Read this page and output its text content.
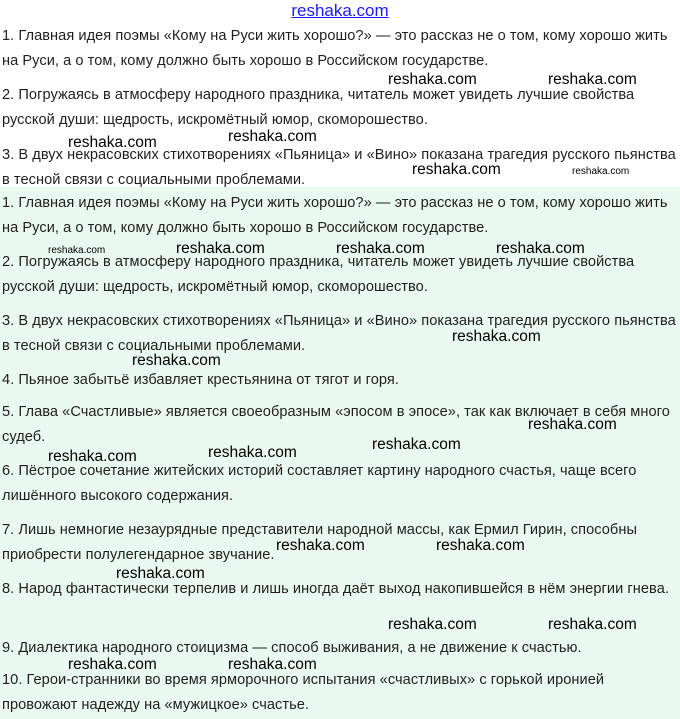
reshaka.com

1. Главная идея поэмы «Кому на Руси жить хорошо?» — это рассказ не о том, кому хорошо жить на Руси, а о том, кому должно быть хорошо в Российском государстве.

2. Погружаясь в атмосферу народного праздника, читатель может увидеть лучшие свойства русской души: щедрость, искромётный юмор, скоморошество.

3. В двух некрасовских стихотворениях «Пьяница» и «Вино» показана трагедия русского пьянства в тесной связи с социальными проблемами.

1. Главная идея поэмы «Кому на Руси жить хорошо?» — это рассказ не о том, кому хорошо жить на Руси, а о том, кому должно быть хорошо в Российском государстве.

2. Погружаясь в атмосферу народного праздника, читатель может увидеть лучшие свойства русской души: щедрость, искромётный юмор, скоморошество.

3. В двух некрасовских стихотворениях «Пьяница» и «Вино» показана трагедия русского пьянства в тесной связи с социальными проблемами.

4. Пьяное забытьё избавляет крестьянина от тягот и горя.

5. Глава «Счастливые» является своеобразным «эпосом в эпосе», так как включает в себя много судеб.

6. Пёстрое сочетание житейских историй составляет картину народного счастья, чаще всего лишённого высокого содержания.

7. Лишь немногие незаурядные представители народной массы, как Ермил Гирин, способны приобрести полулегендарное звучание.

8. Народ фантастически терпелив и лишь иногда даёт выход накопившейся в нём энергии гнева.

9. Диалектика народного стоицизма — способ выживания, а не движение к счастью.

10. Герои-странники во время ярморочного испытания «счастливых» с горькой иронией провожают надежду на «мужицкое» счастье.

reshaka.com	reshaka.com
reshaka.com	reshaka.com
reshaka.com	reshaka.com
reshaka.com	reshaka.com	reshaka.com	reshaka.com
reshaka.com
reshaka.com
reshaka.com
reshaka.com
reshaka.com	reshaka.com
reshaka.com	reshaka.com
reshaka.com
reshaka.com	reshaka.com
reshaka.com	reshaka.com
